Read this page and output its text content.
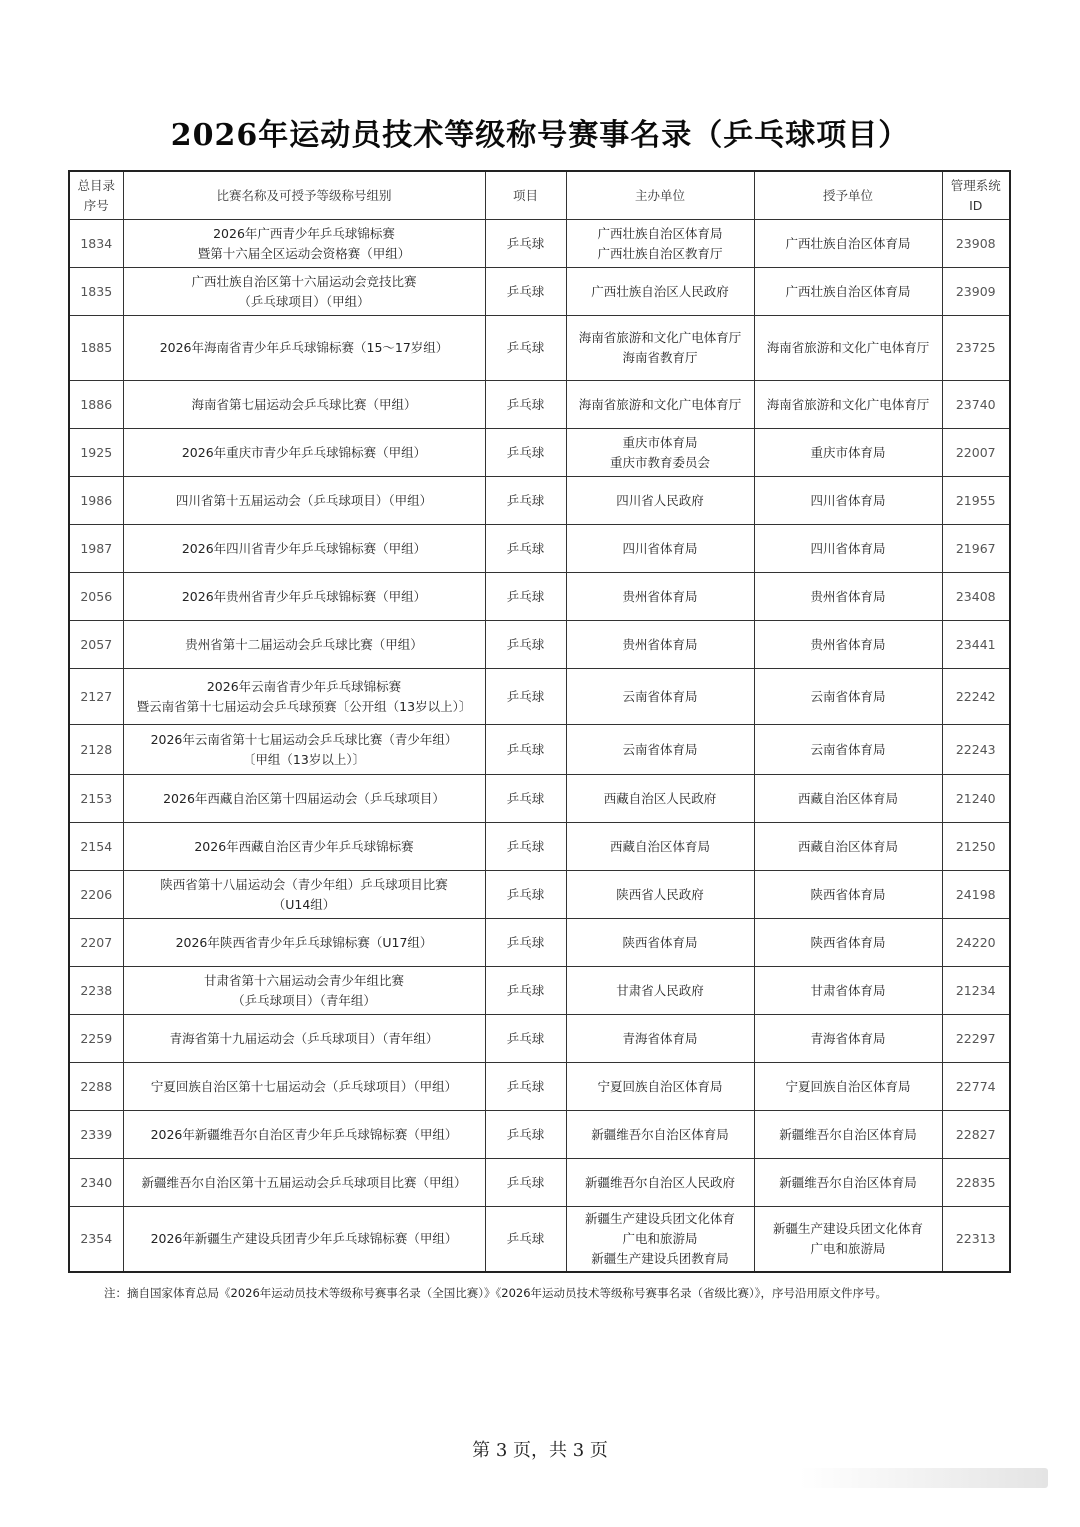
2026年运动员技术等级称号赛事名录（乒乓球项目）
总目录
序号	比赛名称及可授予等级称号组别	项目	主办单位	授予单位	管理系统
ID
1834	2026年广西青少年乒乓球锦标赛
暨第十六届全区运动会资格赛（甲组）	乒乓球	广西壮族自治区体育局
广西壮族自治区教育厅	广西壮族自治区体育局	23908
1835	广西壮族自治区第十六届运动会竞技比赛
（乒乓球项目）（甲组）	乒乓球	广西壮族自治区人民政府	广西壮族自治区体育局	23909
1885	2026年海南省青少年乒乓球锦标赛（15～17岁组）	乒乓球	海南省旅游和文化广电体育厅
海南省教育厅	海南省旅游和文化广电体育厅	23725
1886	海南省第七届运动会乒乓球比赛（甲组）	乒乓球	海南省旅游和文化广电体育厅	海南省旅游和文化广电体育厅	23740
1925	2026年重庆市青少年乒乓球锦标赛（甲组）	乒乓球	重庆市体育局
重庆市教育委员会	重庆市体育局	22007
1986	四川省第十五届运动会（乒乓球项目）（甲组）	乒乓球	四川省人民政府	四川省体育局	21955
1987	2026年四川省青少年乒乓球锦标赛（甲组）	乒乓球	四川省体育局	四川省体育局	21967
2056	2026年贵州省青少年乒乓球锦标赛（甲组）	乒乓球	贵州省体育局	贵州省体育局	23408
2057	贵州省第十二届运动会乒乓球比赛（甲组）	乒乓球	贵州省体育局	贵州省体育局	23441
2127	2026年云南省青少年乒乓球锦标赛
暨云南省第十七届运动会乒乓球预赛〔公开组（13岁以上）〕	乒乓球	云南省体育局	云南省体育局	22242
2128	2026年云南省第十七届运动会乒乓球比赛（青少年组）
〔甲组（13岁以上）〕	乒乓球	云南省体育局	云南省体育局	22243
2153	2026年西藏自治区第十四届运动会（乒乓球项目）	乒乓球	西藏自治区人民政府	西藏自治区体育局	21240
2154	2026年西藏自治区青少年乒乓球锦标赛	乒乓球	西藏自治区体育局	西藏自治区体育局	21250
2206	陕西省第十八届运动会（青少年组）乒乓球项目比赛
（U14组）	乒乓球	陕西省人民政府	陕西省体育局	24198
2207	2026年陕西省青少年乒乓球锦标赛（U17组）	乒乓球	陕西省体育局	陕西省体育局	24220
2238	甘肃省第十六届运动会青少年组比赛
（乒乓球项目）（青年组）	乒乓球	甘肃省人民政府	甘肃省体育局	21234
2259	青海省第十九届运动会（乒乓球项目）（青年组）	乒乓球	青海省体育局	青海省体育局	22297
2288	宁夏回族自治区第十七届运动会（乒乓球项目）（甲组）	乒乓球	宁夏回族自治区体育局	宁夏回族自治区体育局	22774
2339	2026年新疆维吾尔自治区青少年乒乓球锦标赛（甲组）	乒乓球	新疆维吾尔自治区体育局	新疆维吾尔自治区体育局	22827
2340	新疆维吾尔自治区第十五届运动会乒乓球项目比赛（甲组）	乒乓球	新疆维吾尔自治区人民政府	新疆维吾尔自治区体育局	22835
2354	2026年新疆生产建设兵团青少年乒乓球锦标赛（甲组）	乒乓球	新疆生产建设兵团文化体育
广电和旅游局
新疆生产建设兵团教育局	新疆生产建设兵团文化体育
广电和旅游局	22313
注：摘自国家体育总局《2026年运动员技术等级称号赛事名录（全国比赛）》《2026年运动员技术等级称号赛事名录（省级比赛）》，序号沿用原文件序号。
第 3 页，共 3 页
